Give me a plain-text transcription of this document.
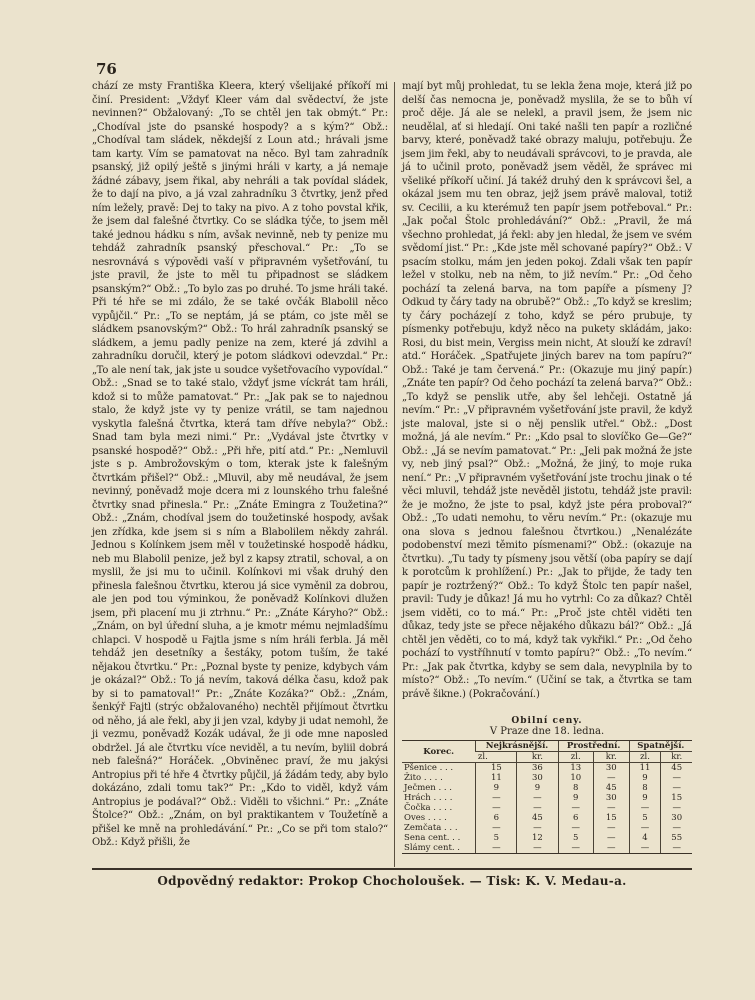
76

chází ze msty Františka Kleera, který všelijaké příkoří mi činí. President: „Vždyť Kleer vám dal svědectví, že jste nevinnen?“ Obžalovaný: „To se chtěl jen tak obmýt.“ Pr.: „Chodíval jste do psanské hospody? a s kým?“ Obž.: „Chodíval tam sládek, někdejší z Loun atd.; hrávali jsme tam karty. Vím se pamatovat na něco. Byl tam zahradník psanský, již opilý ještě s jinými hráli v karty, a já nemaje žádné zábavy, jsem řikal, aby nehráli a tak povídal sládek, že to dají na pivo, a já vzal zahradníku 3 čtvrtky, jenž před ním ležely, pravě: Dej to taky na pivo. A z toho povstal křik, že jsem dal falešné čtvrtky. Co se sládka týče, to jsem měl také jednou hádku s ním, avšak nevinně, neb ty penize mu tehdáž zahradník psanský přeschoval.“ Pr.: „To se nesrovnává s výpovědi vaší v připravném vyšetřování, tu jste pravil, že jste to měl tu připadnost se sládkem psanským?“ Obž.: „To bylo zas po druhé. To jsme hráli také. Při té hře se mi zdálo, že se také ovčák Blabolil něco vypůjčil.“ Pr.: „To se neptám, já se ptám, co jste měl se sládkem psanovským?“ Obž.: To hrál zahradník psanský se sládkem, a jemu padly penize na zem, které já zdvihl a zahradníku doručil, který je potom sládkovi odevzdal.“ Pr.: „To ale není tak, jak jste u soudce vyšetřovacího vypovídal.“ Obž.: „Snad se to také stalo, vždyť jsme víckrát tam hráli, kdož si to může pamatovat.“ Pr.: „Jak pak se to najednou stalo, že když jste vy ty penize vrátil, se tam najednou vyskytla falešná čtvrtka, která tam dříve nebyla?“ Obž.: Snad tam byla mezi nimi.“ Pr.: „Vydával jste čtvrtky v psanské hospodě?“ Obž.: „Při hře, pití atd.“ Pr.: „Nemluvil jste s p. Ambrožovským o tom, kterak jste k falešným čtvrtkám přišel?“ Obž.: „Mluvil, aby mě neudával, že jsem nevinný, poněvadž moje dcera mi z lounského trhu falešné čtvrtky snad přinesla.“ Pr.: „Znáte Emingra z Toužetina?“ Obž.: „Znám, chodíval jsem do toužetinské hospody, avšak jen zřídka, kde jsem si s ním a Blabolilem někdy zahrál. Jednou s Kolínkem jsem měl v toužetinské hospodě hádku, neb mu Blabolil penize, jež byl z kapsy ztratil, schoval, a on myslil, že jsi mu to učinil. Kolínkovi mi však druhý den přinesla falešnou čtvrtku, kterou já sice vyměnil za dobrou, ale jen pod tou výminkou, že poněvadž Kolínkovi dlužen jsem, při placení mu ji ztrhnu.“ Pr.: „Znáte Káryho?“ Obž.: „Znám, on byl úřední sluha, a je kmotr mému nejmladšímu chlapci. V hospodě u Fajtla jsme s ním hráli ferbla. Já měl tehdáž jen desetníky a šestáky, potom tuším, že také nějakou čtvrtku.“ Pr.: „Poznal byste ty penize, kdybych vám je okázal?“ Obž.: To já nevím, taková délka času, kdož pak by si to pamatoval!“ Pr.: „Znáte Kozáka?“ Obž.: „Znám, šenkýř Fajtl (strýc obžalovaného) nechtěl přijímout čtvrtku od něho, já ale řekl, aby ji jen vzal, kdyby ji udat nemohl, že ji vezmu, poněvadž Kozák udával, že ji ode mne naposled obdržel. Já ale čtvrtku více neviděl, a tu nevím, byliil dobrá neb falešná?“ Horáček. „Obviněnec praví, že mu jakýsi Antropius při té hře 4 čtvrtky půjčil, já žádám tedy, aby bylo dokázáno, zdali tomu tak?“ Pr.: „Kdo to viděl, když vám Antropius je podával?“ Obž.: Viděli to všichni.“ Pr.: „Znáte Štolce?“ Obž.: „Znám, on byl praktikantem v Toužetíně a přišel ke mně na prohledávání.“ Pr.: „Co se při tom stalo?“ Obž.: Když přišli, že

mají byt můj prohledat, tu se lekla žena moje, která již po delší čas nemocna je, poněvadž myslila, že se to bůh ví proč děje. Já ale se nelekl, a pravil jsem, že jsem nic neudělal, ať si hledají. Oni také našli ten papír a rozličné barvy, které, poněvadž také obrazy maluju, potřebuju. Že jsem jim řekl, aby to neudávali správcovi, to je pravda, ale já to učinil proto, poněvadž jsem věděl, že správec mi všeliké příkoří učiní. Já takéž druhý den k správcovi šel, a okázal jsem mu ten obraz, jejž jsem právě maloval, totiž sv. Cecilii, a ku kterémuž ten papír jsem potřeboval.“ Pr.: „Jak počal Štolc prohledávání?“ Obž.: „Pravil, že má všechno prohledat, já řekl: aby jen hledal, že jsem ve svém svědomí jist.“ Pr.: „Kde jste měl schované papíry?“ Obž.: V psacím stolku, mám jen jeden pokoj. Zdali však ten papír ležel v stolku, neb na něm, to již nevím.“ Pr.: „Od čeho pochází ta zelená barva, na tom papíře a písmeny J? Odkud ty čáry tady na obrubě?“ Obž.: „To když se kreslim; ty čáry pocházejí z toho, když se péro prubuje, ty písmenky potřebuju, když něco na pukety skládám, jako: Rosi, du bist mein, Vergiss mein nicht, At slouží ke zdraví! atd.“ Horáček. „Spatřujete jiných barev na tom papíru?“ Obž.: Také je tam červená.“ Pr.: (Okazuje mu jiný papír.) „Znáte ten papír? Od čeho pochází ta zelená barva?“ Obž.: „To když se penslik utře, aby šel lehčeji. Ostatně já nevím.“ Pr.: „V připravném vyšetřování jste pravil, že když jste maloval, jste si o něj penslik utřel.“ Obž.: „Dost možná, já ale nevím.“ Pr.: „Kdo psal to slovíčko Ge—Ge?“ Obž.: „Já se nevím pamatovat.“ Pr.: „Jeli pak možná že jste vy, neb jiný psal?“ Obž.: „Možná, že jiný, to moje ruka není.“ Pr.: „V připravném vyšetřování jste trochu jinak o té věci mluvil, tehdáž jste nevěděl jistotu, tehdáž jste pravil: že je možno, že jste to psal, když jste péra proboval?“ Obž.: „To udati nemohu, to věru nevím.“ Pr.: (okazuje mu ona slova s jednou falešnou čtvrtkou.) „Nenalézáte podobenství mezi těmito písmenami?“ Obž.: (okazuje na čtvrtku). „Tu tady ty písmeny jsou větší (oba papíry se dají k porotcům k prohlížení.) Pr.: „Jak to přijde, že tady ten papír je roztržený?“ Obž.: To když Štolc ten papír našel, pravil: Tudy je důkaz! Já mu ho vytrhl: Co za důkaz? Chtěl jsem viděti, co to má.“ Pr.: „Proč jste chtěl viděti ten důkaz, tedy jste se přece nějakého důkazu bál?“ Obž.: „Já chtěl jen věděti, co to má, když tak vykřikl.“ Pr.: „Od čeho pochází to vystříhnutí v tomto papíru?“ Obž.: „To nevím.“ Pr.: „Jak pak čtvrtka, kdyby se sem dala, nevyplnila by to místo?“ Obž.: „To nevím.“ (Učiní se tak, a čtvrtka se tam právě šikne.) (Pokračování.)

Obilní ceny.
V Praze dne 18. ledna.
Korec.	Nejkrásnější.		Prostřední.		Spatnější.	
	zl.	kr.	zl.	kr.	zl.	kr.
Pšenice . . .	15	36	13	30	11	45
Žito . . . .	11	30	10	—	9	—
Ječmen . . .	9	9	8	45	8	—
Hrách . . . .	—	—	9	30	9	15
Čočka . . . .	—	—	—	—	—	—
Oves . . . .	6	45	6	15	5	30
Zemčata . . .	—	—	—	—	—	—
Sena cent. . .	5	12	5	—	4	55
Slámy cent. .	—	—	—	—	—	—
Odpovědný redaktor: Prokop Chocholoušek. — Tisk: K. V. Medau-a.
